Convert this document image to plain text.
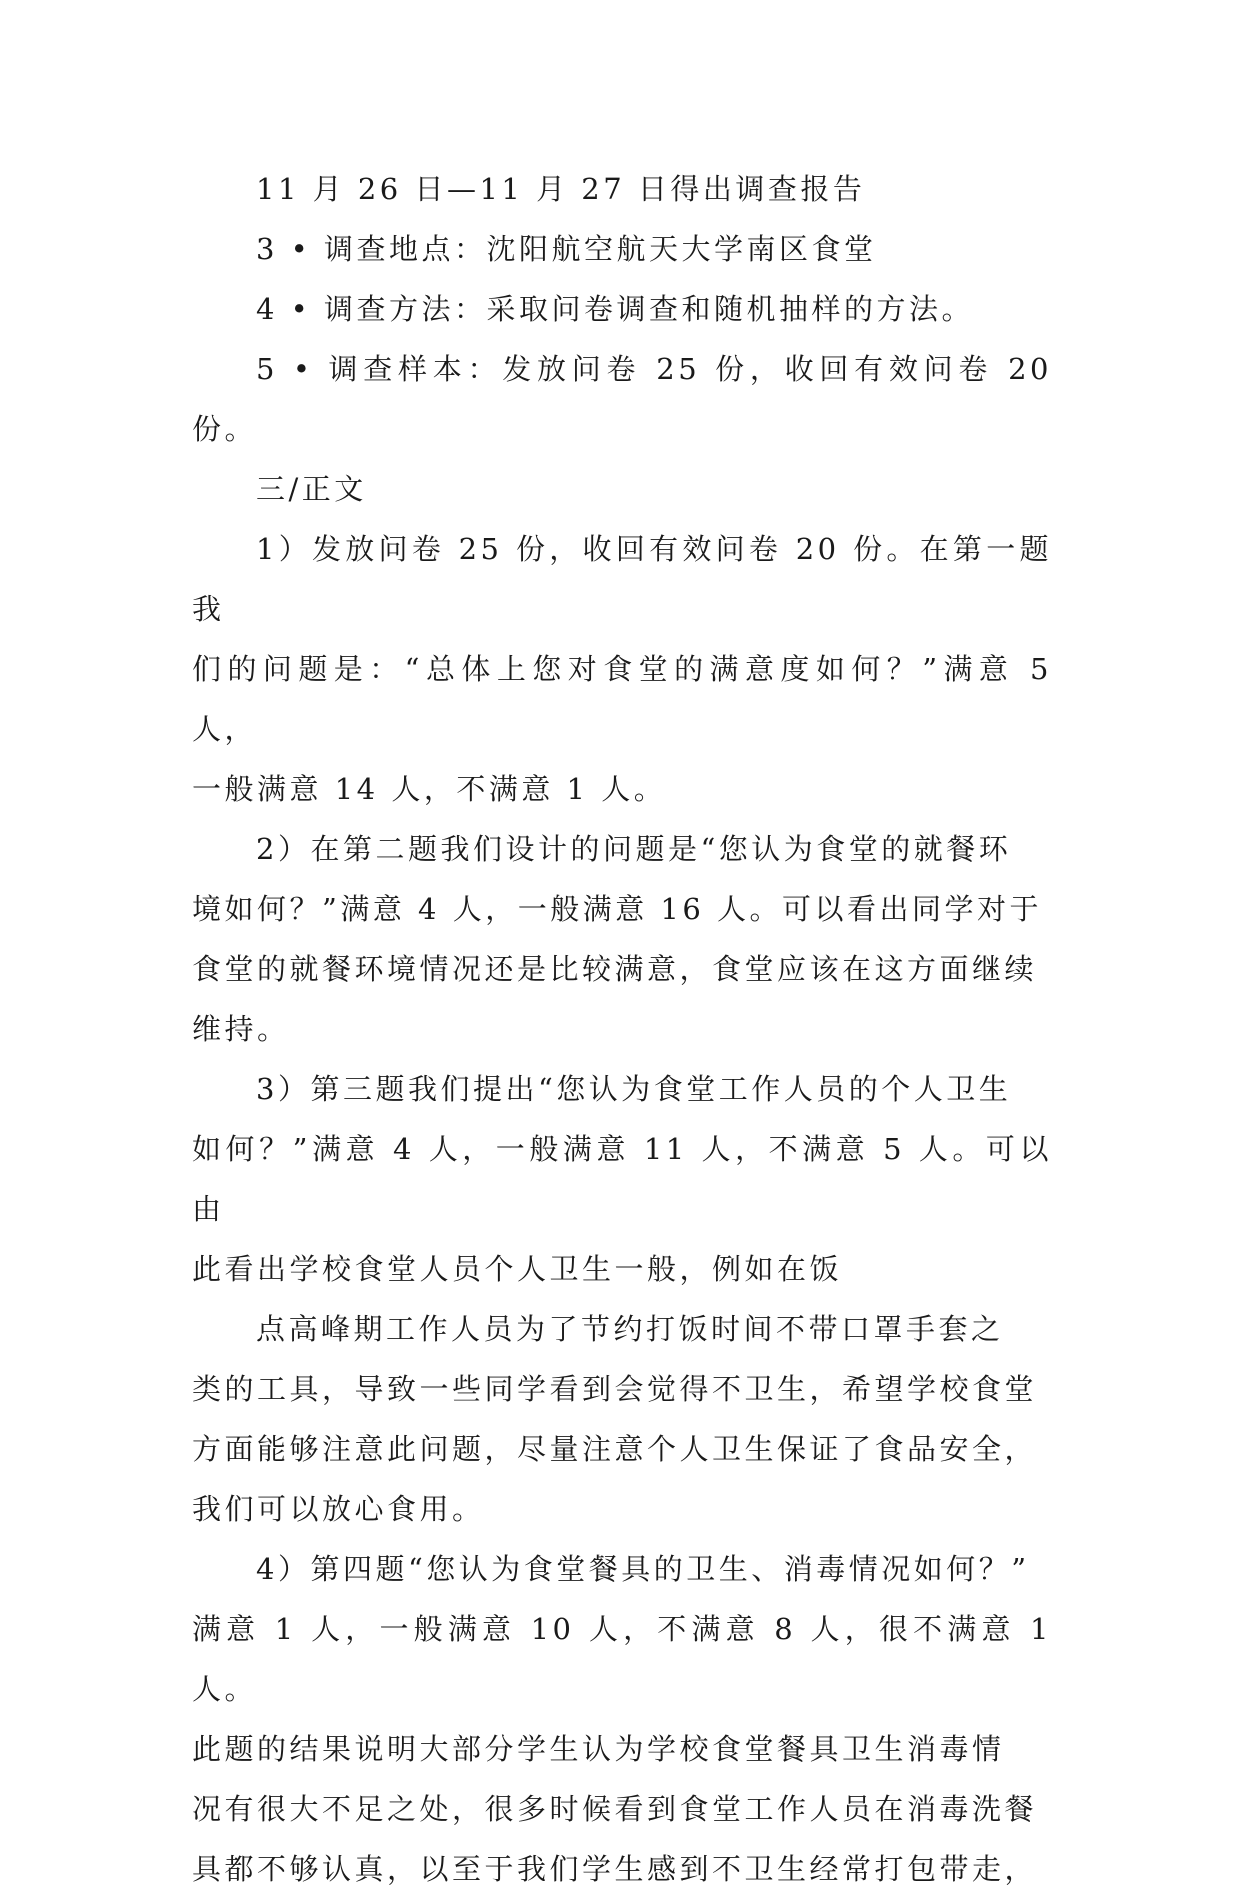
11 月 26 日—11 月 27 日得出调查报告

3 • 调查地点：沈阳航空航天大学南区食堂

4 • 调查方法：采取问卷调查和随机抽样的方法。

5 • 调查样本：发放问卷 25 份，收回有效问卷 20 份。

三/正文

1）发放问卷 25 份，收回有效问卷 20 份。在第一题我
们的问题是：“总体上您对食堂的满意度如何？”满意 5 人，
一般满意 14 人，不满意 1 人。

2）在第二题我们设计的问题是“您认为食堂的就餐环
境如何？”满意 4 人，一般满意 16 人。可以看出同学对于
食堂的就餐环境情况还是比较满意，食堂应该在这方面继续
维持。

3）第三题我们提出“您认为食堂工作人员的个人卫生
如何？”满意 4 人，一般满意 11 人，不满意 5 人。可以由
此看出学校食堂人员个人卫生一般，例如在饭

点高峰期工作人员为了节约打饭时间不带口罩手套之
类的工具，导致一些同学看到会觉得不卫生，希望学校食堂
方面能够注意此问题，尽量注意个人卫生保证了食品安全，
我们可以放心食用。

4）第四题“您认为食堂餐具的卫生、消毒情况如何？”
满意 1 人，一般满意 10 人，不满意 8 人，很不满意 1 人。
此题的结果说明大部分学生认为学校食堂餐具卫生消毒情
况有很大不足之处，很多时候看到食堂工作人员在消毒洗餐
具都不够认真，以至于我们学生感到不卫生经常打包带走，
